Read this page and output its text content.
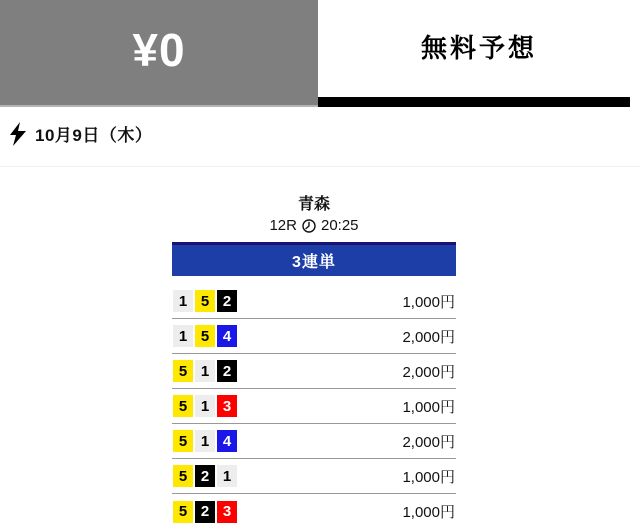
¥0	無料予想
10月9日（木）
青森
12R 20:25
3連単
1 5 2	1,000円
1 5 4	2,000円
5 1 2	2,000円
5 1 3	1,000円
5 1 4	2,000円
5 2 1	1,000円
5 2 3	1,000円
